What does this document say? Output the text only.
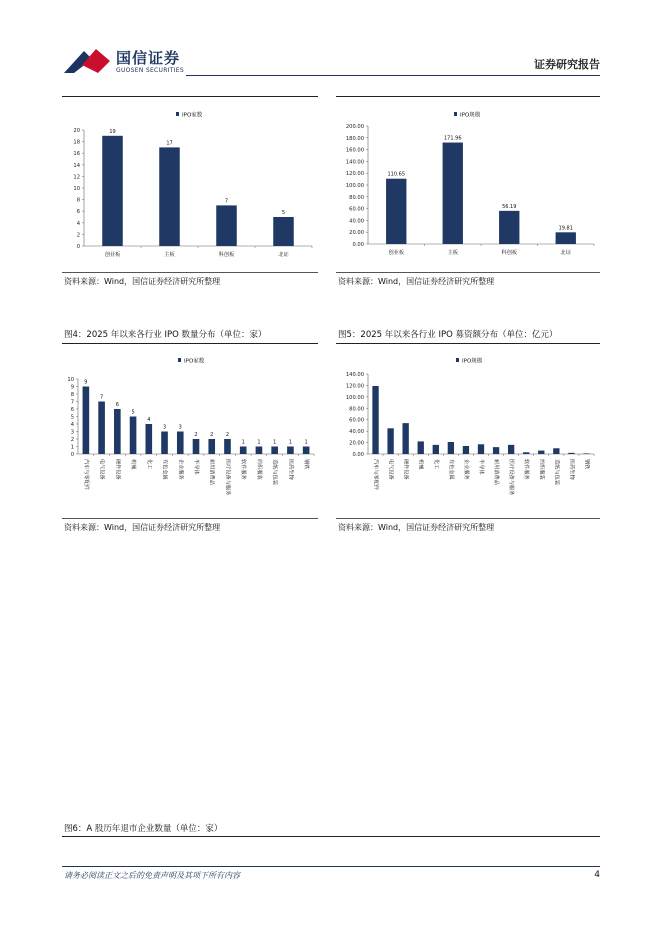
国信证券
GUOSEN SECURITIES	证券研究报告
IPO家数
0
2
4
6
8
10
12
14
16
18
20	19
创业板
17
主板
7
科创板
5
北证
IPO规模
0.00
20.00
40.00
60.00
80.00
100.00
120.00
140.00
160.00
180.00
200.00
110.65
创业板
171.96
主板
56.19
科创板
19.81
北证
资料来源：Wind，国信证券经济研究所整理	资料来源：Wind，国信证券经济研究所整理
图4：2025 年以来各行业 IPO 数量分布（单位：家）	图5：2025 年以来各行业 IPO 募资额分布（单位：亿元）
IPO家数
0
1
2
3
4
5
6
7
8
9
10 9
汽车与零配件
7
电气设备
6
硬件设备
5
机械
4
化工
3
有色金属
3
企业服务
2
半导体
2
耐用消费品
2
医疗设备与服务
1
软件服务
1
纺织服装
1
造纸与包装
1
医药生物
1
钢铁
IPO规模
0.00
20.00
40.00
60.00
80.00
100.00
120.00
140.00
汽车与零配件	电气设备	硬件设备	机械	化工	有色金属	企业服务	半导体	耐用消费品	医疗设备与服务	软件服务	纺织服装	造纸与包装	医药生物	钢铁
资料来源：Wind，国信证券经济研究所整理	资料来源：Wind，国信证券经济研究所整理
图6：A 股历年退市企业数量（单位：家）
请务必阅读正文之后的免责声明及其项下所有内容	4
